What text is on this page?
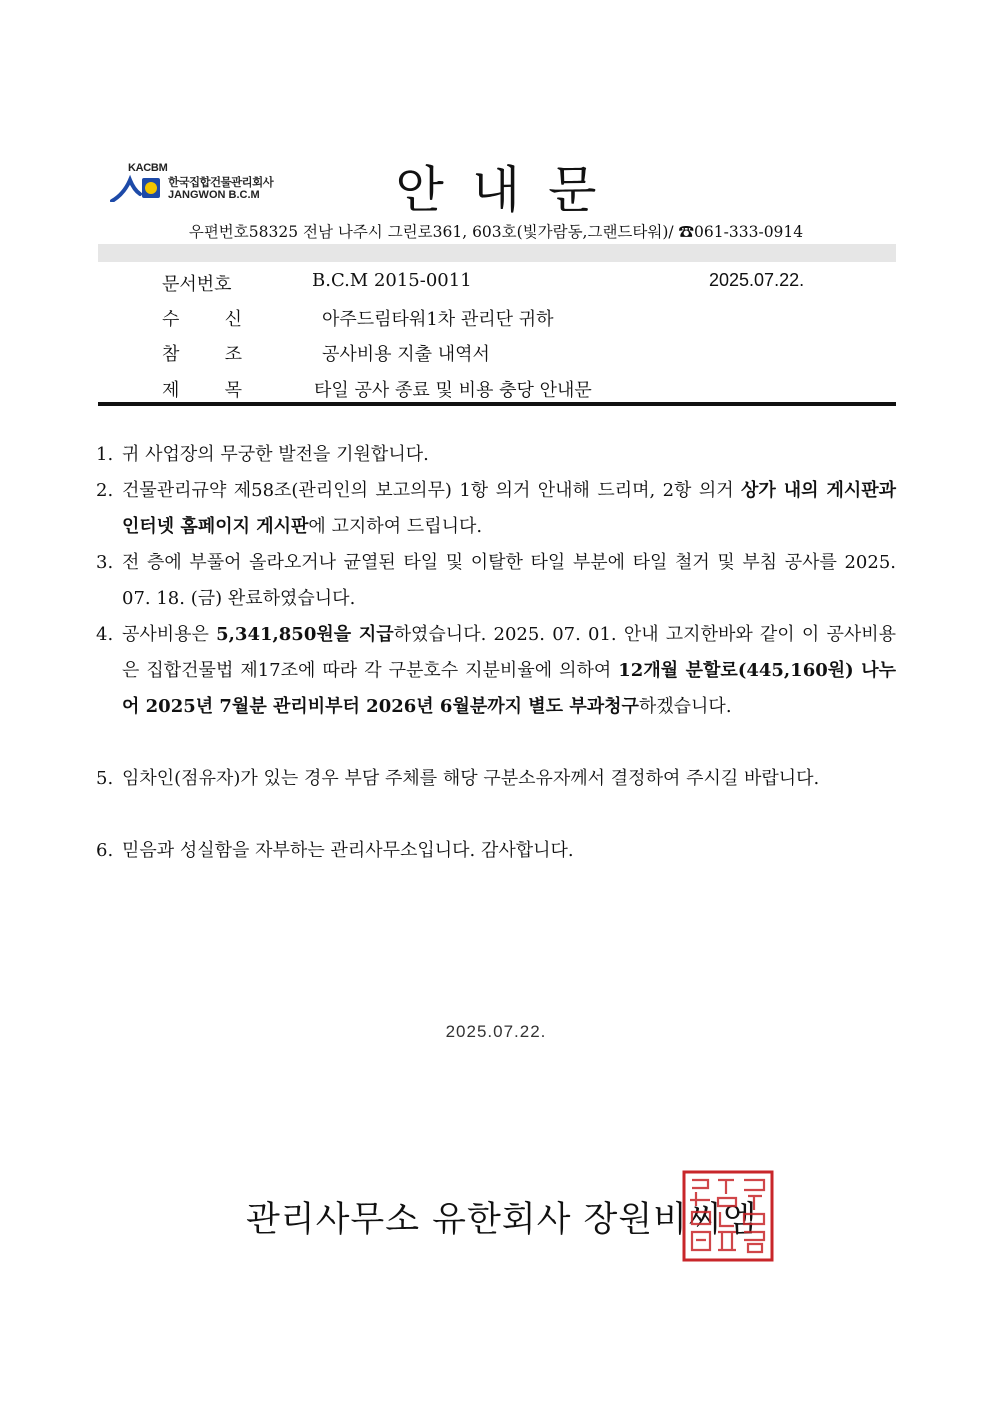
KACBM
한국집합건물관리회사
JANGWON B.C.M	안내문
우편번호58325 전남 나주시 그린로361, 603호(빛가람동,그랜드타워)/ ☎061-333-0914
문서번호	B.C.M 2015-0011	2025.07.22.
수	신	아주드림타워1차 관리단 귀하
참	조	공사비용 지출 내역서
제	목	타일 공사 종료 및 비용 충당 안내문
1. 귀 사업장의 무궁한 발전을 기원합니다.
2. 건물관리규약 제58조(관리인의 보고의무) 1항 의거 안내해 드리며, 2항 의거 상가 내의 게시판과 인터넷 홈페이지 게시판에 고지하여 드립니다.
3. 전 층에 부풀어 올라오거나 균열된 타일 및 이탈한 타일 부분에 타일 철거 및 부침 공사를 2025. 07. 18. (금) 완료하였습니다.
4. 공사비용은 5,341,850원을 지급하였습니다. 2025. 07. 01. 안내 고지한바와 같이 이 공사비용은 집합건물법 제17조에 따라 각 구분호수 지분비율에 의하여 12개월 분할로(445,160원) 나누어 2025년 7월분 관리비부터 2026년 6월분까지 별도 부과청구하겠습니다.
5. 임차인(점유자)가 있는 경우 부담 주체를 해당 구분소유자께서 결정하여 주시길 바랍니다.
6. 믿음과 성실함을 자부하는 관리사무소입니다. 감사합니다.
2025.07.22.
관리사무소 유한회사 장원비씨엠
